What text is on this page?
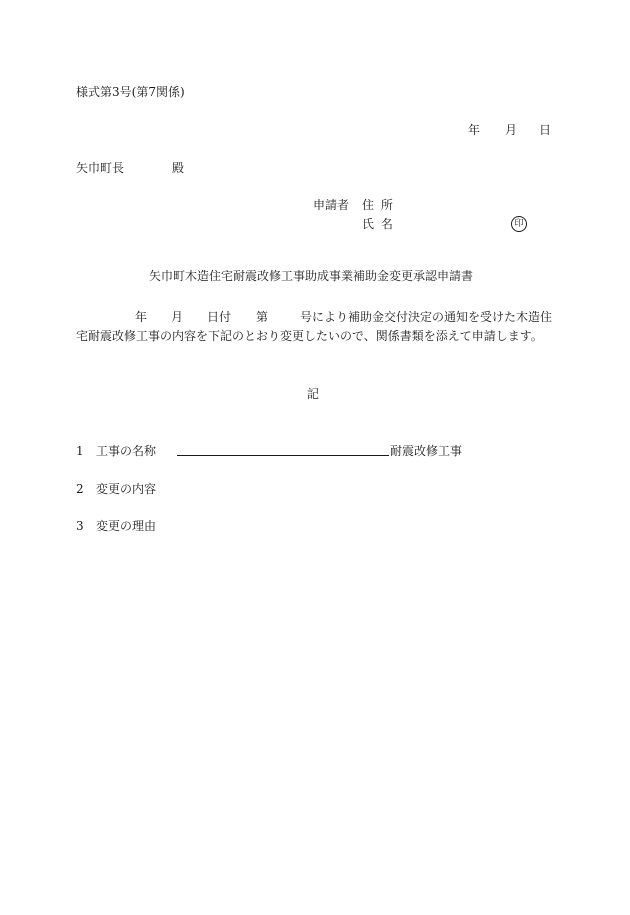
様式第3号(第7関係)
年 月 日
矢巾町長	殿
申請者 住 所
氏 名	印
矢巾町木造住宅耐震改修工事助成事業補助金変更承認申請書
年 月 日付 第	号により補助金交付決定の通知を受けた木造住
宅耐震改修工事の内容を下記のとおり変更したいので、関係書類を添えて申請します。
記
1 工事の名称	耐震改修工事
2 変更の内容
3 変更の理由
